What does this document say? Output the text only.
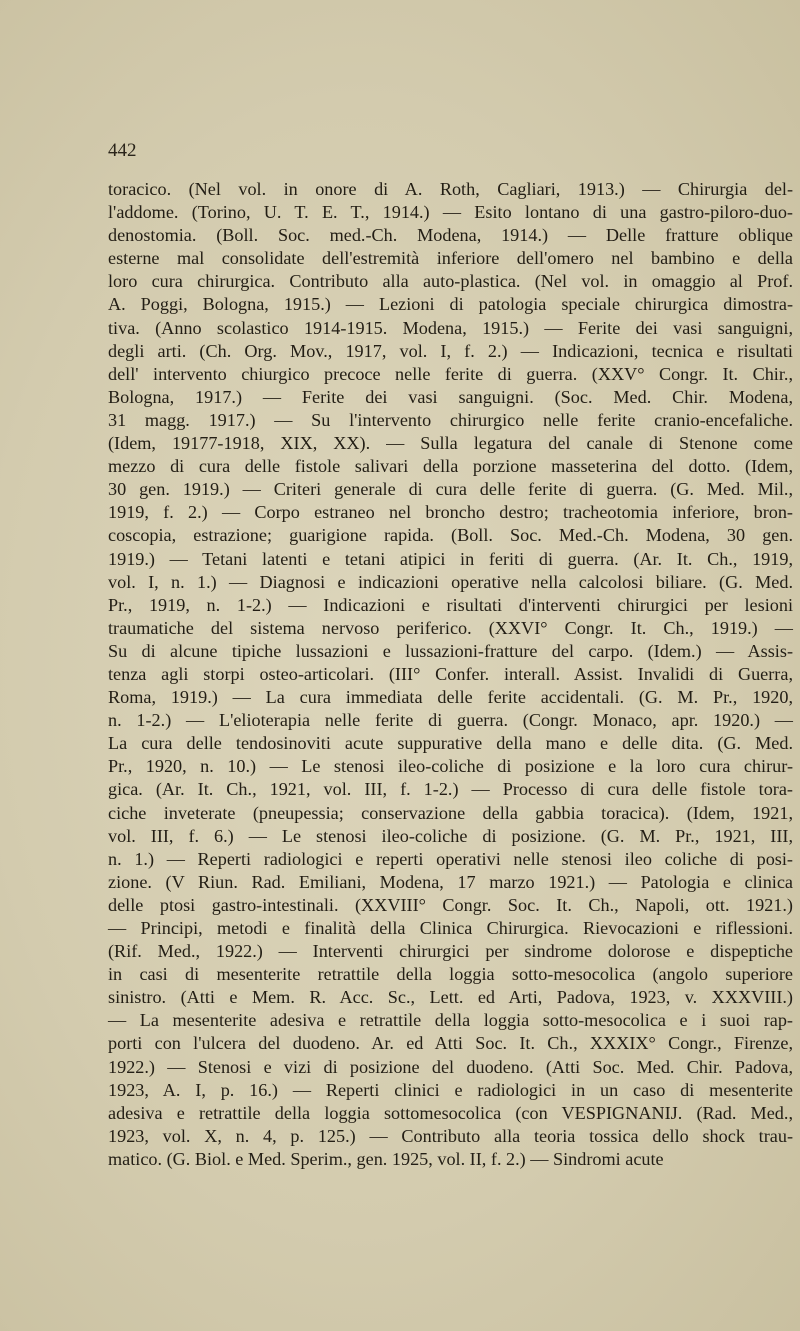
442
toracico. (Nel vol. in onore di A. Roth, Cagliari, 1913.) — Chirurgia del-
l'addome. (Torino, U. T. E. T., 1914.) — Esito lontano di una gastro-piloro-duo-
denostomia. (Boll. Soc. med.-Ch. Modena, 1914.) — Delle fratture oblique
esterne mal consolidate dell'estremità inferiore dell'omero nel bambino e della
loro cura chirurgica. Contributo alla auto-plastica. (Nel vol. in omaggio al Prof.
A. Poggi, Bologna, 1915.) — Lezioni di patologia speciale chirurgica dimostra-
tiva. (Anno scolastico 1914-1915. Modena, 1915.) — Ferite dei vasi sanguigni,
degli arti. (Ch. Org. Mov., 1917, vol. I, f. 2.) — Indicazioni, tecnica e risultati
dell' intervento chiurgico precoce nelle ferite di guerra. (XXV° Congr. It. Chir.,
Bologna, 1917.) — Ferite dei vasi sanguigni. (Soc. Med. Chir. Modena,
31 magg. 1917.) — Su l'intervento chirurgico nelle ferite cranio-encefaliche.
(Idem, 19177-1918, XIX, XX). — Sulla legatura del canale di Stenone come
mezzo di cura delle fistole salivari della porzione masseterina del dotto. (Idem,
30 gen. 1919.) — Criteri generale di cura delle ferite di guerra. (G. Med. Mil.,
1919, f. 2.) — Corpo estraneo nel broncho destro; tracheotomia inferiore, bron-
coscopia, estrazione; guarigione rapida. (Boll. Soc. Med.-Ch. Modena, 30 gen.
1919.) — Tetani latenti e tetani atipici in feriti di guerra. (Ar. It. Ch., 1919,
vol. I, n. 1.) — Diagnosi e indicazioni operative nella calcolosi biliare. (G. Med.
Pr., 1919, n. 1-2.) — Indicazioni e risultati d'interventi chirurgici per lesioni
traumatiche del sistema nervoso periferico. (XXVI° Congr. It. Ch., 1919.) —
Su di alcune tipiche lussazioni e lussazioni-fratture del carpo. (Idem.) — Assis-
tenza agli storpi osteo-articolari. (III° Confer. interall. Assist. Invalidi di Guerra,
Roma, 1919.) — La cura immediata delle ferite accidentali. (G. M. Pr., 1920,
n. 1-2.) — L'elioterapia nelle ferite di guerra. (Congr. Monaco, apr. 1920.) —
La cura delle tendosinoviti acute suppurative della mano e delle dita. (G. Med.
Pr., 1920, n. 10.) — Le stenosi ileo-coliche di posizione e la loro cura chirur-
gica. (Ar. It. Ch., 1921, vol. III, f. 1-2.) — Processo di cura delle fistole tora-
ciche inveterate (pneupessia; conservazione della gabbia toracica). (Idem, 1921,
vol. III, f. 6.) — Le stenosi ileo-coliche di posizione. (G. M. Pr., 1921, III,
n. 1.) — Reperti radiologici e reperti operativi nelle stenosi ileo coliche di posi-
zione. (V Riun. Rad. Emiliani, Modena, 17 marzo 1921.) — Patologia e clinica
delle ptosi gastro-intestinali. (XXVIII° Congr. Soc. It. Ch., Napoli, ott. 1921.)
— Principi, metodi e finalità della Clinica Chirurgica. Rievocazioni e riflessioni.
(Rif. Med., 1922.) — Interventi chirurgici per sindrome dolorose e dispeptiche
in casi di mesenterite retrattile della loggia sotto-mesocolica (angolo superiore
sinistro. (Atti e Mem. R. Acc. Sc., Lett. ed Arti, Padova, 1923, v. XXXVIII.)
— La mesenterite adesiva e retrattile della loggia sotto-mesocolica e i suoi rap-
porti con l'ulcera del duodeno. Ar. ed Atti Soc. It. Ch., XXXIX° Congr., Firenze,
1922.) — Stenosi e vizi di posizione del duodeno. (Atti Soc. Med. Chir. Padova,
1923, A. I, p. 16.) — Reperti clinici e radiologici in un caso di mesenterite
adesiva e retrattile della loggia sottomesocolica (con VESPIGNANIJ. (Rad. Med.,
1923, vol. X, n. 4, p. 125.) — Contributo alla teoria tossica dello shock trau-
matico. (G. Biol. e Med. Sperim., gen. 1925, vol. II, f. 2.) — Sindromi acute
